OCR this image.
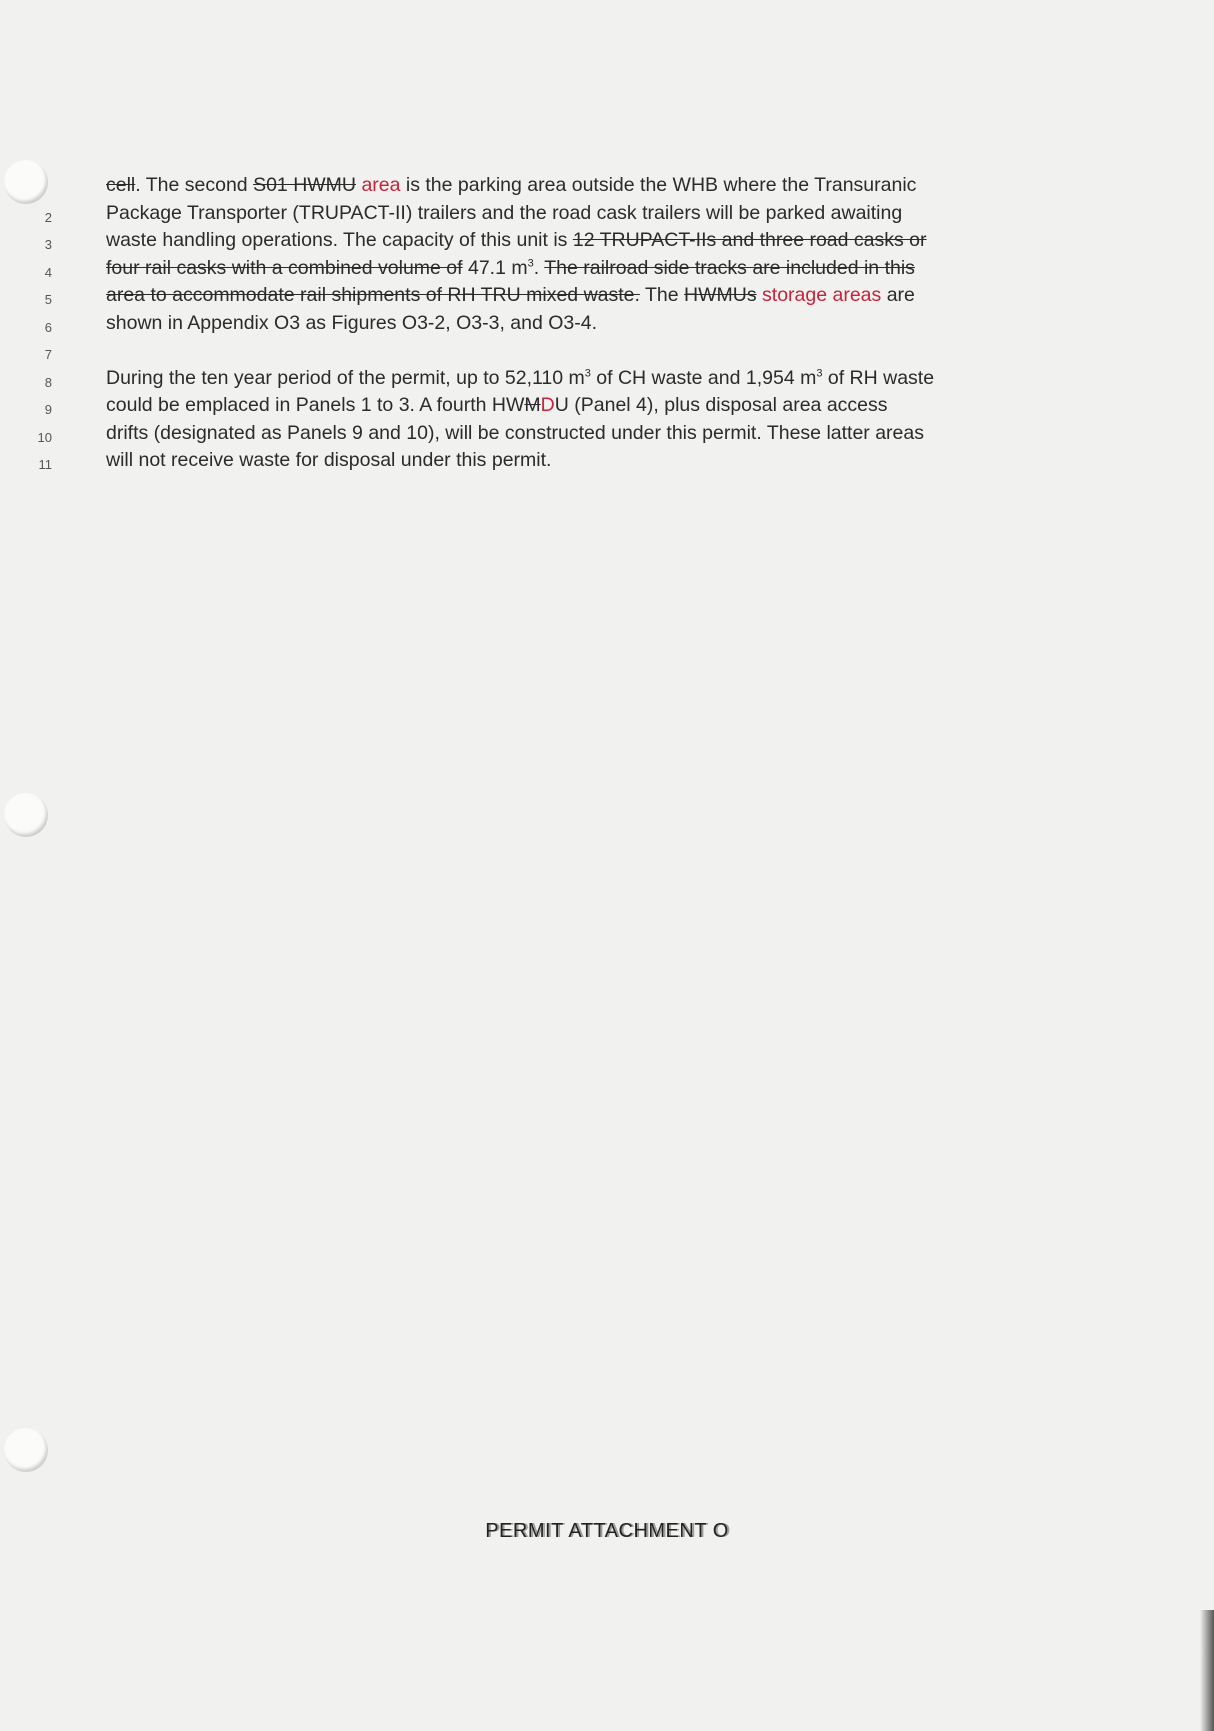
2
3
4
5
6
7
8
9
10
11
cell. The second S01 HWMU area is the parking area outside the WHB where the Transuranic
Package Transporter (TRUPACT-II) trailers and the road cask trailers will be parked awaiting
waste handling operations. The capacity of this unit is 12 TRUPACT-IIs and three road casks or
four rail casks with a combined volume of 47.1 $m^3$. The railroad side tracks are included in this
area to accommodate rail shipments of RH TRU mixed waste. The HWMUs storage areas are
shown in Appendix O3 as Figures O3-2, O3-3, and O3-4.
During the ten year period of the permit, up to 52,110 $m^3$ of CH waste and 1,954 $m^3$ of RH waste
could be emplaced in Panels 1 to 3. A fourth HWMDU (Panel 4), plus disposal area access
drifts (designated as Panels 9 and 10), will be constructed under this permit. These latter areas
will not receive waste for disposal under this permit.
PERMIT ATTACHMENT O
